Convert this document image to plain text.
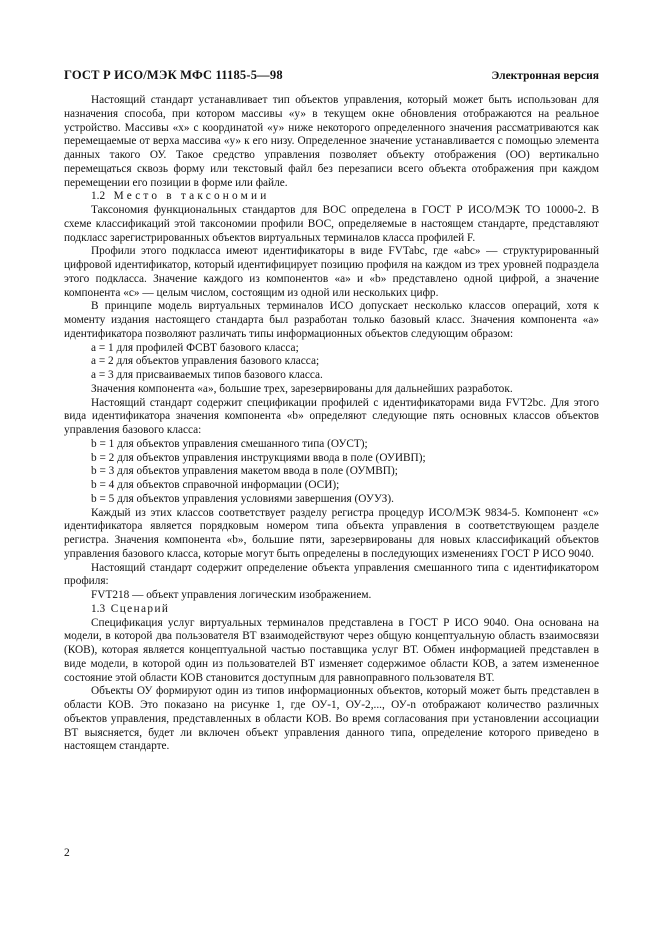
ГОСТ Р ИСО/МЭК МФС 11185-5—98	Электронная версия

Настоящий стандарт устанавливает тип объектов управления, который может быть использован для назначения способа, при котором массивы «у» в текущем окне обновления отображаются на реальное устройство. Массивы «х» с координатой «у» ниже некоторого определенного значения рассматриваются как перемещаемые от верха массива «у» к его низу. Определенное значение устанавливается с помощью элемента данных такого ОУ. Такое средство управления позволяет объекту отображения (ОО) вертикально перемещаться сквозь форму или текстовый файл без перезаписи всего объекта отображения при каждом перемещении его позиции в форме или файле.

1.2 Место в таксономии

Таксономия функциональных стандартов для ВОС определена в ГОСТ Р ИСО/МЭК ТО 10000-2. В схеме классификаций этой таксономии профили ВОС, определяемые в настоящем стандарте, представляют подкласс зарегистрированных объектов виртуальных терминалов класса профилей F.

Профили этого подкласса имеют идентификаторы в виде FVTabc, где «abc» — структурированный цифровой идентификатор, который идентифицирует позицию профиля на каждом из трех уровней подраздела этого подкласса. Значение каждого из компонентов «а» и «b» представлено одной цифрой, а значение компонента «с» — целым числом, состоящим из одной или нескольких цифр.

В принципе модель виртуальных терминалов ИСО допускает несколько классов операций, хотя к моменту издания настоящего стандарта был разработан только базовый класс. Значения компонента «а» идентификатора позволяют различать типы информационных объектов следующим образом:

а = 1 для профилей ФСВТ базового класса;

а = 2 для объектов управления базового класса;

а = 3 для присваиваемых типов базового класса.

Значения компонента «а», большие трех, зарезервированы для дальнейших разработок.

Настоящий стандарт содержит спецификации профилей с идентификаторами вида FVT2bc. Для этого вида идентификатора значения компонента «b» определяют следующие пять основных классов объектов управления базового класса:

b = 1 для объектов управления смешанного типа (ОУСТ);

b = 2 для объектов управления инструкциями ввода в поле (ОУИВП);

b = 3 для объектов управления макетом ввода в поле (ОУМВП);

b = 4 для объектов справочной информации (ОСИ);

b = 5 для объектов управления условиями завершения (ОУУЗ).

Каждый из этих классов соответствует разделу регистра процедур ИСО/МЭК 9834-5. Компонент «с» идентификатора является порядковым номером типа объекта управления в соответствующем разделе регистра. Значения компонента «b», большие пяти, зарезервированы для новых классификаций объектов управления базового класса, которые могут быть определены в последующих изменениях ГОСТ Р ИСО 9040.

Настоящий стандарт содержит определение объекта управления смешанного типа с идентификатором профиля:

FVT218 — объект управления логическим изображением.

1.3 Сценарий

Спецификация услуг виртуальных терминалов представлена в ГОСТ Р ИСО 9040. Она основана на модели, в которой два пользователя ВТ взаимодействуют через общую концептуальную область взаимосвязи (КОВ), которая является концептуальной частью поставщика услуг ВТ. Обмен информацией представлен в виде модели, в которой один из пользователей ВТ изменяет содержимое области КОВ, а затем измененное состояние этой области КОВ становится доступным для равноправного пользователя ВТ.

Объекты ОУ формируют один из типов информационных объектов, который может быть представлен в области КОВ. Это показано на рисунке 1, где ОУ-1, ОУ-2,..., ОУ-n отображают количество различных объектов управления, представленных в области КОВ. Во время согласования при установлении ассоциации ВТ выясняется, будет ли включен объект управления данного типа, определение которого приведено в настоящем стандарте.

2
